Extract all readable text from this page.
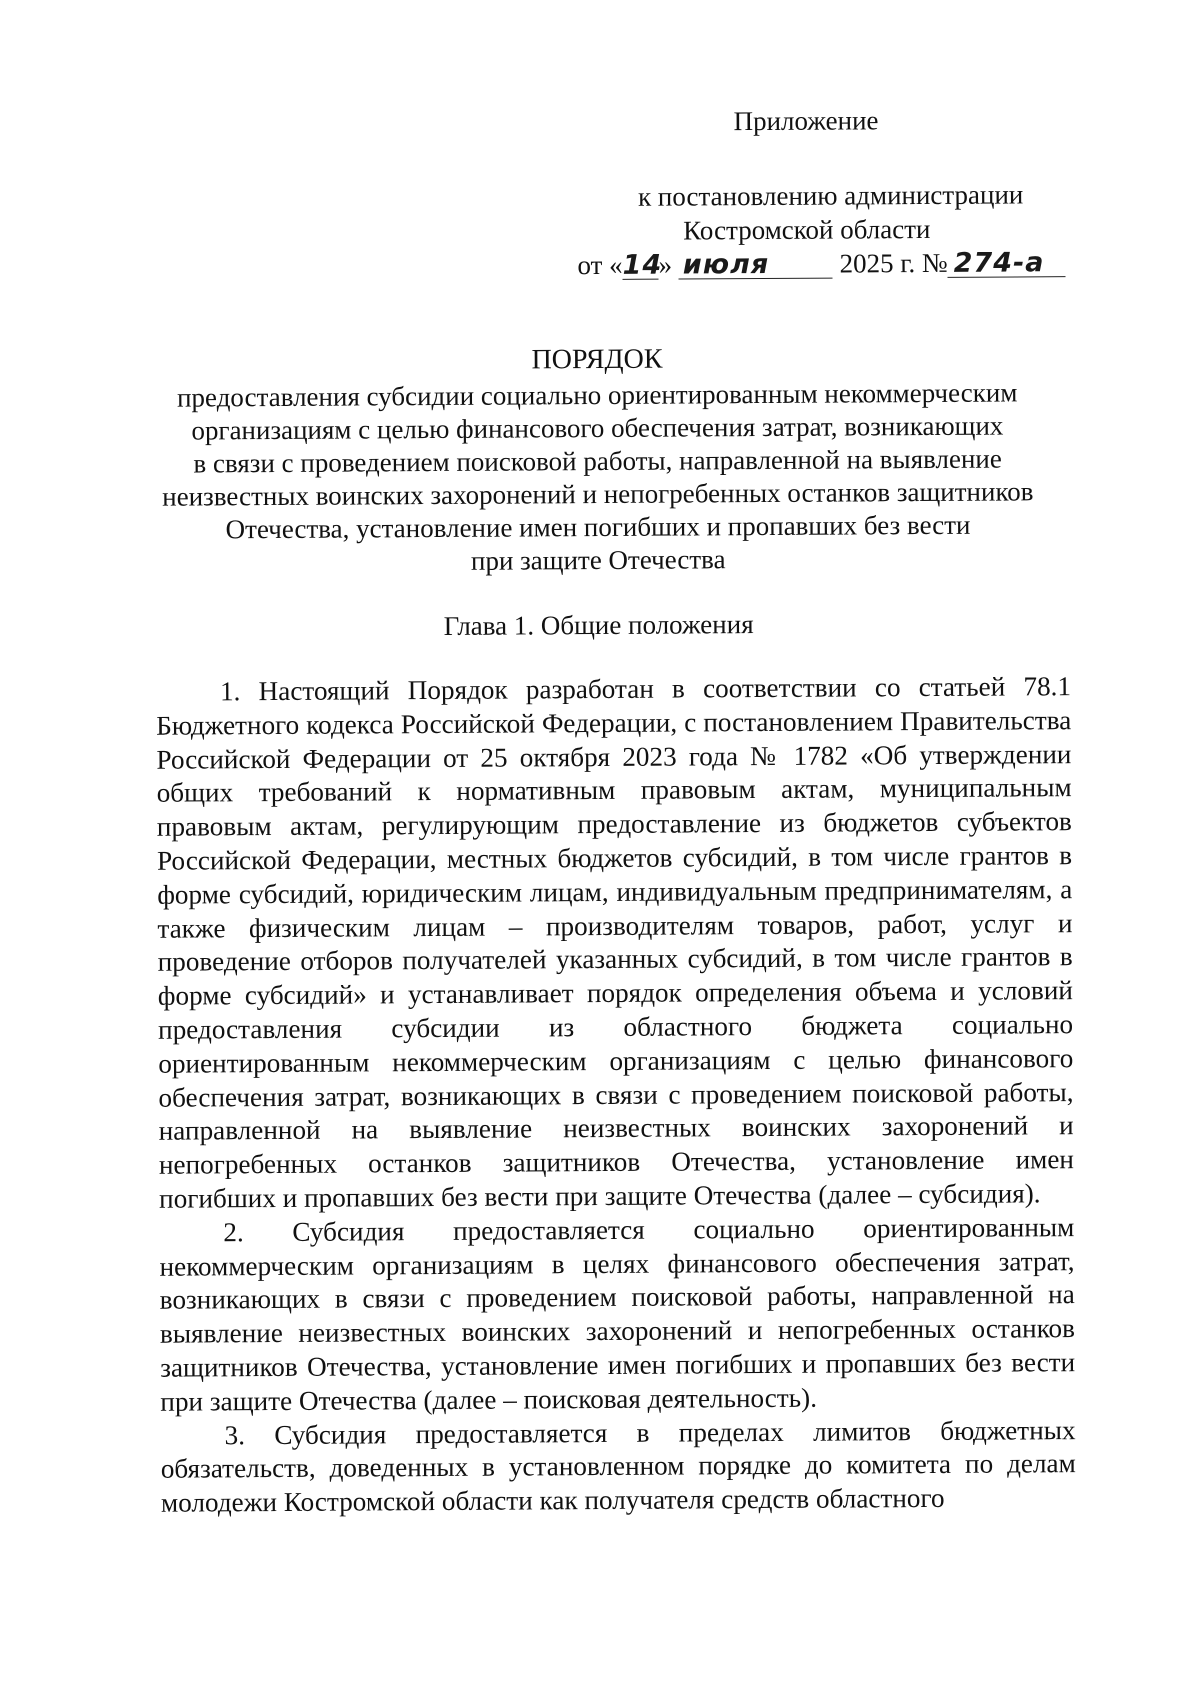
Приложение
к постановлению администрации
Костромской области
от «14» июля	2025 г. № 274-а
ПОРЯДОК
предоставления субсидии социально ориентированным некоммерческим
организациям с целью финансового обеспечения затрат, возникающих
в связи с проведением поисковой работы, направленной на выявление
неизвестных воинских захоронений и непогребенных останков защитников
Отечества, установление имен погибших и пропавших без вести
при защите Отечества
Глава 1. Общие положения

1. Настоящий Порядок разработан в соответствии со статьей 78.1 Бюджетного кодекса Российской Федерации, с постановлением Правительства Российской Федерации от 25 октября 2023 года № 1782 «Об утверждении общих требований к нормативным правовым актам, муниципальным правовым актам, регулирующим предоставление из бюджетов субъектов Российской Федерации, местных бюджетов субсидий, в том числе грантов в форме субсидий, юридическим лицам, индивидуальным предпринимателям, а также физическим лицам – производителям товаров, работ, услуг и проведение отборов получателей указанных субсидий, в том числе грантов в форме субсидий» и устанавливает порядок определения объема и условий предоставления субсидии из областного бюджета социально ориентированным некоммерческим организациям с целью финансового обеспечения затрат, возникающих в связи с проведением поисковой работы, направленной на выявление неизвестных воинских захоронений и непогребенных останков защитников Отечества, установление имен погибших и пропавших без вести при защите Отечества (далее – субсидия).

2. Субсидия предоставляется социально ориентированным некоммерческим организациям в целях финансового обеспечения затрат, возникающих в связи с проведением поисковой работы, направленной на выявление неизвестных воинских захоронений и непогребенных останков защитников Отечества, установление имен погибших и пропавших без вести при защите Отечества (далее – поисковая деятельность).

3. Субсидия предоставляется в пределах лимитов бюджетных обязательств, доведенных в установленном порядке до комитета по делам молодежи Костромской области как получателя средств областного
